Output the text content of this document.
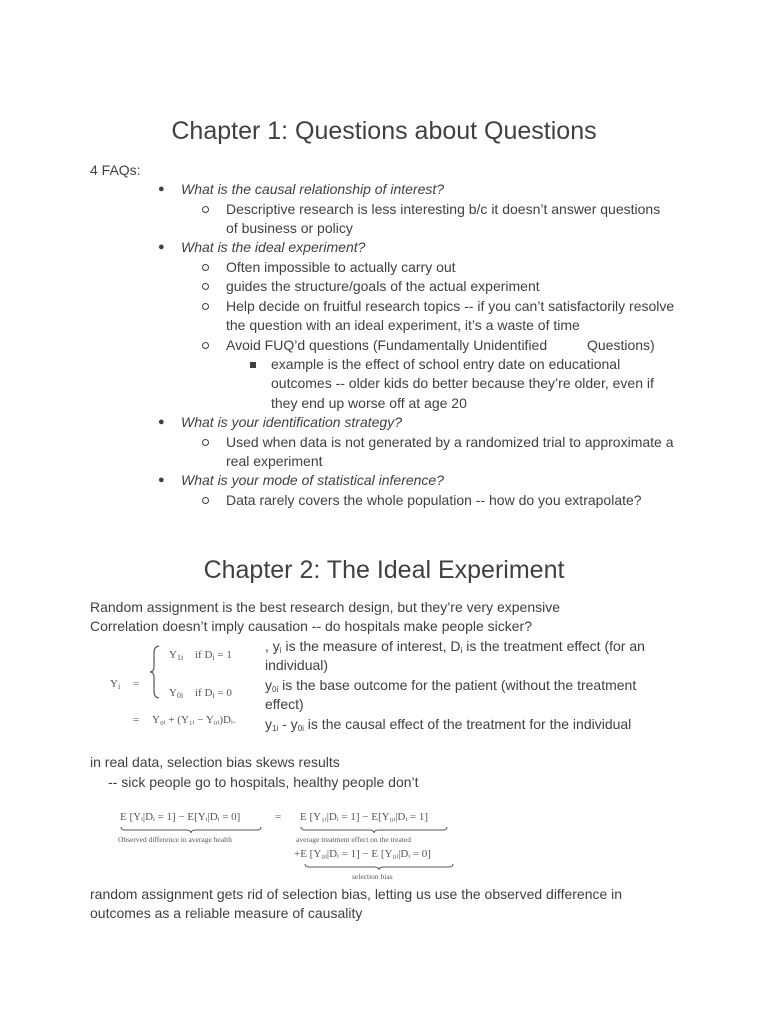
Chapter 1: Questions about Questions
4 FAQs:
● What is the causal relationship of interest?
Descriptive research is less interesting b/c it doesn’t answer questions
of business or policy
● What is the ideal experiment?
Often impossible to actually carry out
guides the structure/goals of the actual experiment
Help decide on fruitful research topics -- if you can’t satisfactorily resolve
the question with an ideal experiment, it’s a waste of time
Avoid FUQ’d questions (Fundamentally Unidentified	Questions)
example is the effect of school entry date on educational
outcomes -- older kids do better because they’re older, even if
they end up worse off at age 20
● What is your identification strategy?
Used when data is not generated by a randomized trial to approximate a
real experiment
● What is your mode of statistical inference?
Data rarely covers the whole population -- how do you extrapolate?
Chapter 2: The Ideal Experiment
Random assignment is the best research design, but they’re very expensive
Correlation doesn’t imply causation -- do hospitals make people sicker?
$Y_i$ =
$Y_{1i}$ if $D_i = 1$
$Y_{0i}$ if $D_i = 0$
= Y₀ᵢ + (Y₁ᵢ − Y₀ᵢ)Dᵢ.
, $y_i$ is the measure of interest, $D_i$ is the treatment effect (for an
individual)
$y_{0i}$ is the base outcome for the patient (without the treatment
effect)
$y_{1i} - y_{0i}$ is the causal effect of the treatment for the individual
in real data, selection bias skews results
-- sick people go to hospitals, healthy people don’t
E [Yᵢ|Dᵢ = 1] − E[Yᵢ|Dᵢ = 0]
Observed difference in average health
= E [Y₁ᵢ|Dᵢ = 1] − E[Y₀ᵢ|Dᵢ = 1]
average treatment effect on the treated
+E [Y₀ᵢ|Dᵢ = 1] − E [Y₀ᵢ|Dᵢ = 0]
selection bias
random assignment gets rid of selection bias, letting us use the observed difference in
outcomes as a reliable measure of causality
